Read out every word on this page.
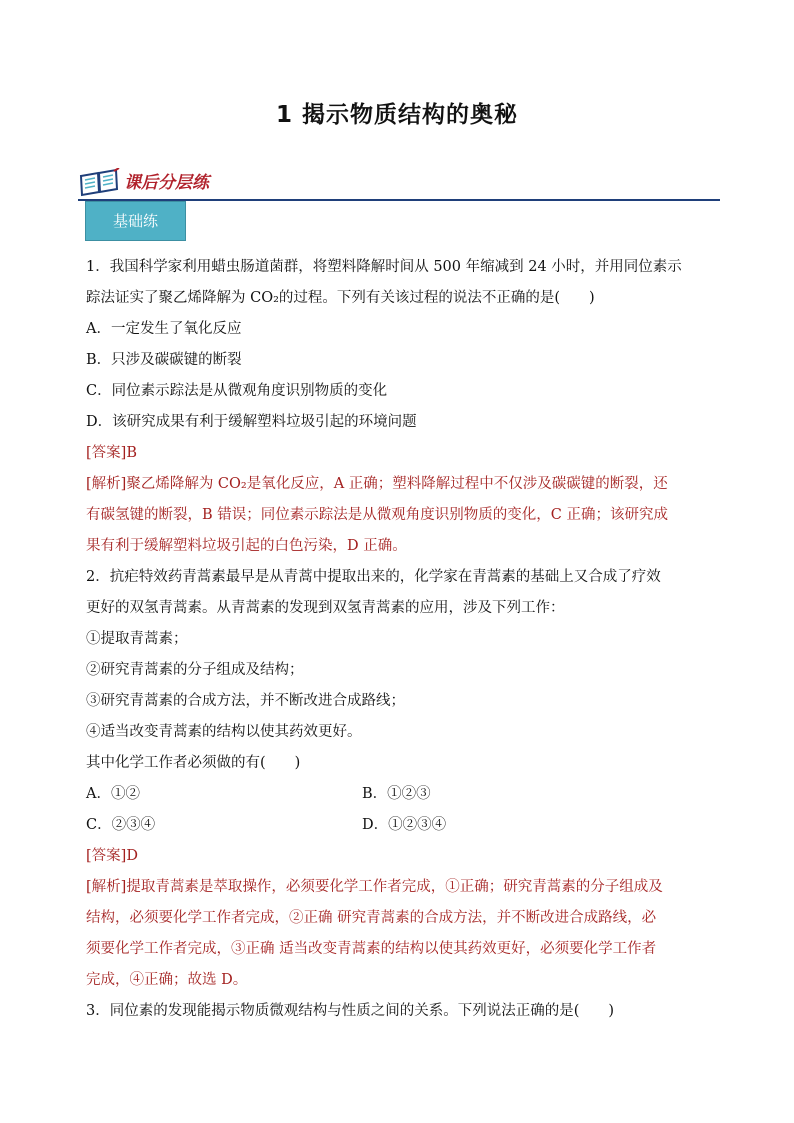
1 揭示物质结构的奥秘
课后分层练
基础练
1．我国科学家利用蜡虫肠道菌群，将塑料降解时间从 500 年缩减到 24 小时，并用同位素示
踪法证实了聚乙烯降解为 CO₂的过程。下列有关该过程的说法不正确的是(　　)
A．一定发生了氧化反应
B．只涉及碳碳键的断裂
C．同位素示踪法是从微观角度识别物质的变化
D．该研究成果有利于缓解塑料垃圾引起的环境问题
[答案]B
[解析]聚乙烯降解为 CO₂是氧化反应，A 正确；塑料降解过程中不仅涉及碳碳键的断裂，还
有碳氢键的断裂，B 错误；同位素示踪法是从微观角度识别物质的变化，C 正确；该研究成
果有利于缓解塑料垃圾引起的白色污染，D 正确。
2．抗疟特效药青蒿素最早是从青蒿中提取出来的，化学家在青蒿素的基础上又合成了疗效
更好的双氢青蒿素。从青蒿素的发现到双氢青蒿素的应用，涉及下列工作：
①提取青蒿素；
②研究青蒿素的分子组成及结构；
③研究青蒿素的合成方法，并不断改进合成路线；
④适当改变青蒿素的结构以使其药效更好。
其中化学工作者必须做的有(　　)
A．①②	B．①②③
C．②③④	D．①②③④
[答案]D
[解析]提取青蒿素是萃取操作，必须要化学工作者完成，①正确；研究青蒿素的分子组成及
结构，必须要化学工作者完成，②正确 研究青蒿素的合成方法，并不断改进合成路线，必
须要化学工作者完成，③正确 适当改变青蒿素的结构以使其药效更好，必须要化学工作者
完成，④正确；故选 D。
3．同位素的发现能揭示物质微观结构与性质之间的关系。下列说法正确的是(　　)
